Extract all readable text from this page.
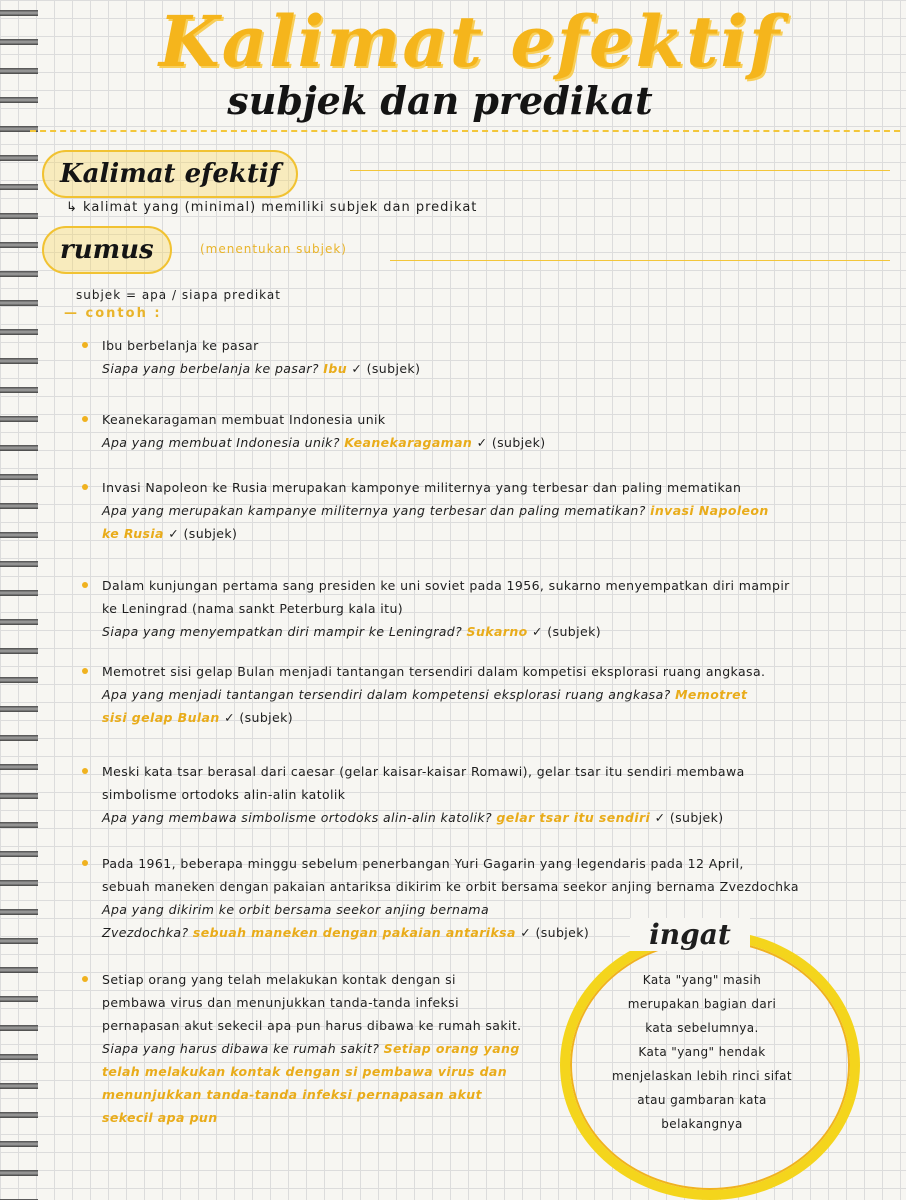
Kalimat efektif
subjek dan predikat
Kalimat efektif
↳ kalimat yang (minimal) memiliki subjek dan predikat
rumus	(menentukan subjek)
subjek = apa / siapa predikat
— contoh :
Ibu berbelanja ke pasar
Siapa yang berbelanja ke pasar? Ibu ✓ (subjek)
Keanekaragaman membuat Indonesia unik
Apa yang membuat Indonesia unik? Keanekaragaman ✓ (subjek)
Invasi Napoleon ke Rusia merupakan kamponye militernya yang terbesar dan paling mematikan
Apa yang merupakan kampanye militernya yang terbesar dan paling mematikan? invasi Napoleon
ke Rusia ✓ (subjek)
Dalam kunjungan pertama sang presiden ke uni soviet pada 1956, sukarno menyempatkan diri mampir
ke Leningrad (nama sankt Peterburg kala itu)
Siapa yang menyempatkan diri mampir ke Leningrad? Sukarno ✓ (subjek)
Memotret sisi gelap Bulan menjadi tantangan tersendiri dalam kompetisi eksplorasi ruang angkasa.
Apa yang menjadi tantangan tersendiri dalam kompetensi eksplorasi ruang angkasa? Memotret
sisi gelap Bulan ✓ (subjek)
Meski kata tsar berasal dari caesar (gelar kaisar-kaisar Romawi), gelar tsar itu sendiri membawa
simbolisme ortodoks alin-alin katolik
Apa yang membawa simbolisme ortodoks alin-alin katolik? gelar tsar itu sendiri ✓ (subjek)
Pada 1961, beberapa minggu sebelum penerbangan Yuri Gagarin yang legendaris pada 12 April,
sebuah maneken dengan pakaian antariksa dikirim ke orbit bersama seekor anjing bernama Zvezdochka
Apa yang dikirim ke orbit bersama seekor anjing bernama
Zvezdochka? sebuah maneken dengan pakaian antariksa ✓ (subjek)
Setiap orang yang telah melakukan kontak dengan si
pembawa virus dan menunjukkan tanda-tanda infeksi
pernapasan akut sekecil apa pun harus dibawa ke rumah sakit.
Siapa yang harus dibawa ke rumah sakit? Setiap orang yang telah melakukan kontak dengan si pembawa virus dan menunjukkan tanda-tanda infeksi pernapasan akut sekecil apa pun
ingat
Kata "yang" masih
merupakan bagian dari
kata sebelumnya.
Kata "yang" hendak
menjelaskan lebih rinci sifat
atau gambaran kata
belakangnya
